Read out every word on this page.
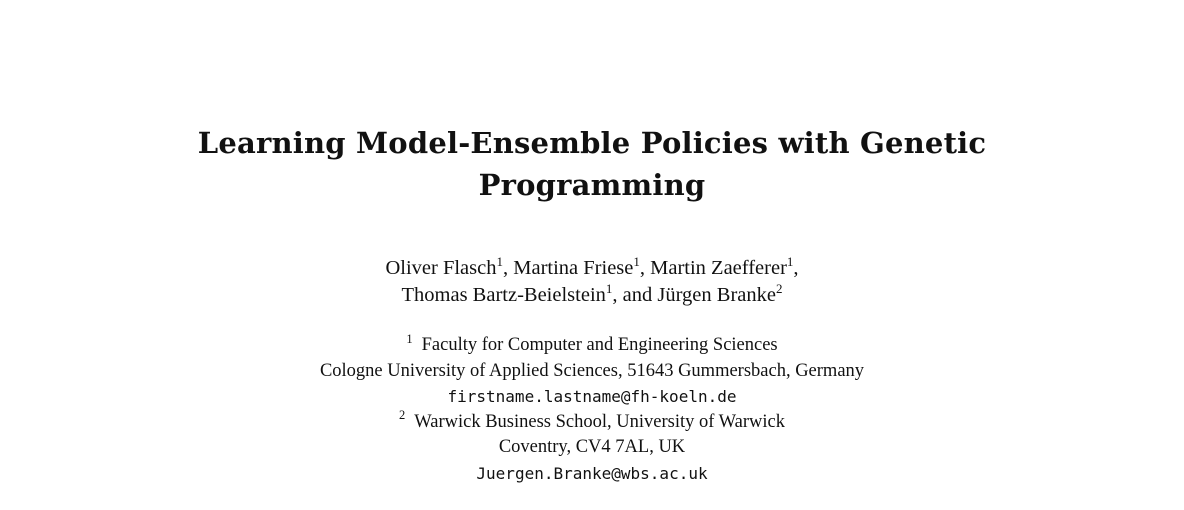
Learning Model-Ensemble Policies with Genetic
Programming
Oliver Flasch$^1$, Martina Friese$^1$, Martin Zaefferer$^1$,
Thomas Bartz-Beielstein$^1$, and Jürgen Branke$^2$
$^1$ Faculty for Computer and Engineering Sciences
Cologne University of Applied Sciences, 51643 Gummersbach, Germany
firstname.lastname@fh-koeln.de
$^2$ Warwick Business School, University of Warwick
Coventry, CV4 7AL, UK
Juergen.Branke@wbs.ac.uk
